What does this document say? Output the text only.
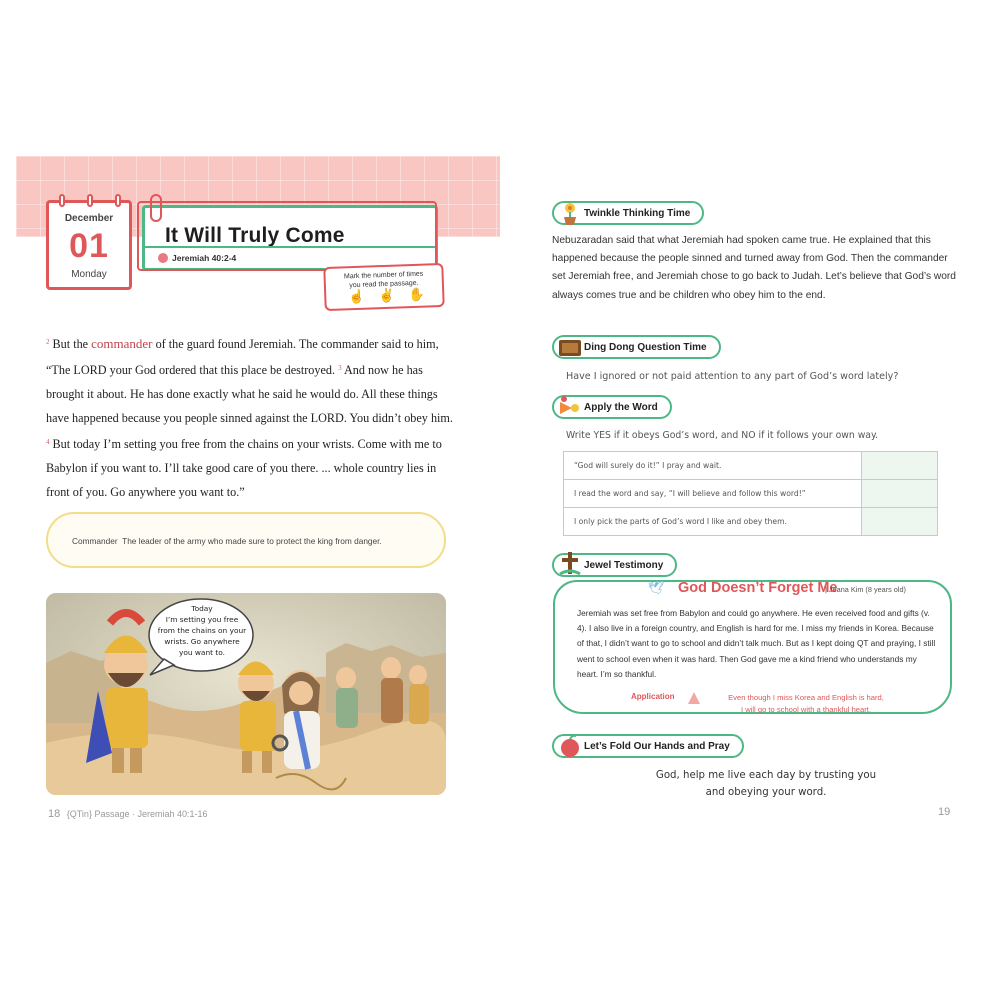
December
01
Monday
It Will Truly Come
Jeremiah 40:2-4
Mark the number of times
you read the passage.
☝ ✌ ✋
$^2$ But the commander of the guard found Jeremiah. The commander said to him, “The LORD your God ordered that this place be destroyed. $^3$ And now he has brought it about. He has done exactly what he said he would do. All these things have happened because you people sinned against the LORD. You didn’t obey him. $^4$ But today I’m setting you free from the chains on your wrists. Come with me to Babylon if you want to. I’ll take good care of you there. ... whole country lies in front of you. Go anywhere you want to.”
Commander The leader of the army who made sure to protect the king from danger.
Today
I’m setting you free
from the chains on your
wrists. Go anywhere
you want to.
18 {QTin} Passage · Jeremiah 40:1-16
Twinkle Thinking Time
Nebuzaradan said that what Jeremiah had spoken came true. He explained that this happened because the people sinned and turned away from God. Then the commander set Jeremiah free, and Jeremiah chose to go back to Judah. Let’s believe that God’s word always comes true and be children who obey him to the end.
Ding Dong Question Time
Have I ignored or not paid attention to any part of God’s word lately?
Apply the Word
Write YES if it obeys God’s word, and NO if it follows your own way.
“God will surely do it!” I pray and wait.	
I read the word and say, “I will believe and follow this word!”	
I only pick the parts of God’s word I like and obey them.	
God Doesn’t Forget Me
| Jeana Kim (8 years old)
🕊
Jewel Testimony
Jeremiah was set free from Babylon and could go anywhere. He even received food and gifts (v. 4). I also live in a foreign country, and English is hard for me. I miss my friends in Korea. Because of that, I didn’t want to go to school and didn’t talk much. But as I kept doing QT and praying, I still went to school even when it was hard. Then God gave me a kind friend who understands my heart. I’m so thankful.
Application	Even though I miss Korea and English is hard,
I will go to school with a thankful heart.
Let’s Fold Our Hands and Pray
God, help me live each day by trusting you
and obeying your word.
19
